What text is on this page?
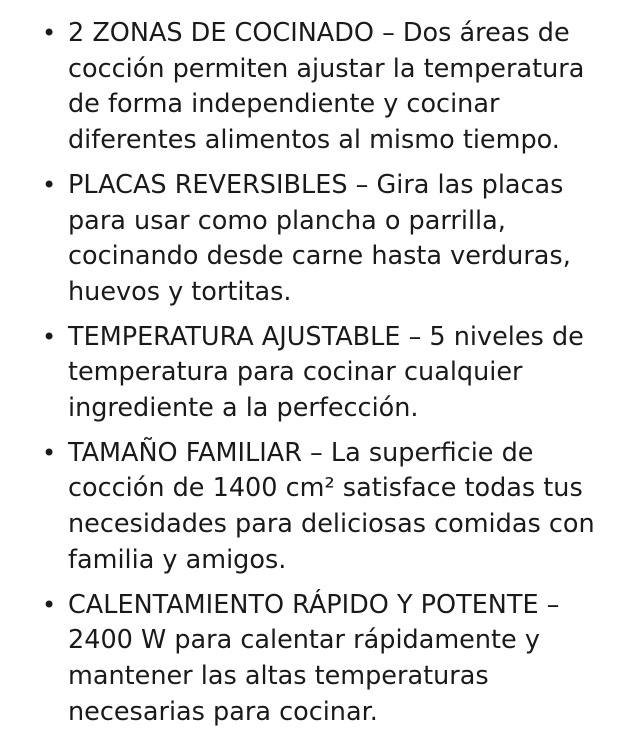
• 2 ZONAS DE COCINADO – Dos áreas de
cocción permiten ajustar la temperatura
de forma independiente y cocinar
diferentes alimentos al mismo tiempo.
• PLACAS REVERSIBLES – Gira las placas
para usar como plancha o parrilla,
cocinando desde carne hasta verduras,
huevos y tortitas.
• TEMPERATURA AJUSTABLE – 5 niveles de
temperatura para cocinar cualquier
ingrediente a la perfección.
• TAMAÑO FAMILIAR – La superficie de
cocción de 1400 cm² satisface todas tus
necesidades para deliciosas comidas con
familia y amigos.
• CALENTAMIENTO RÁPIDO Y POTENTE –
2400 W para calentar rápidamente y
mantener las altas temperaturas
necesarias para cocinar.
